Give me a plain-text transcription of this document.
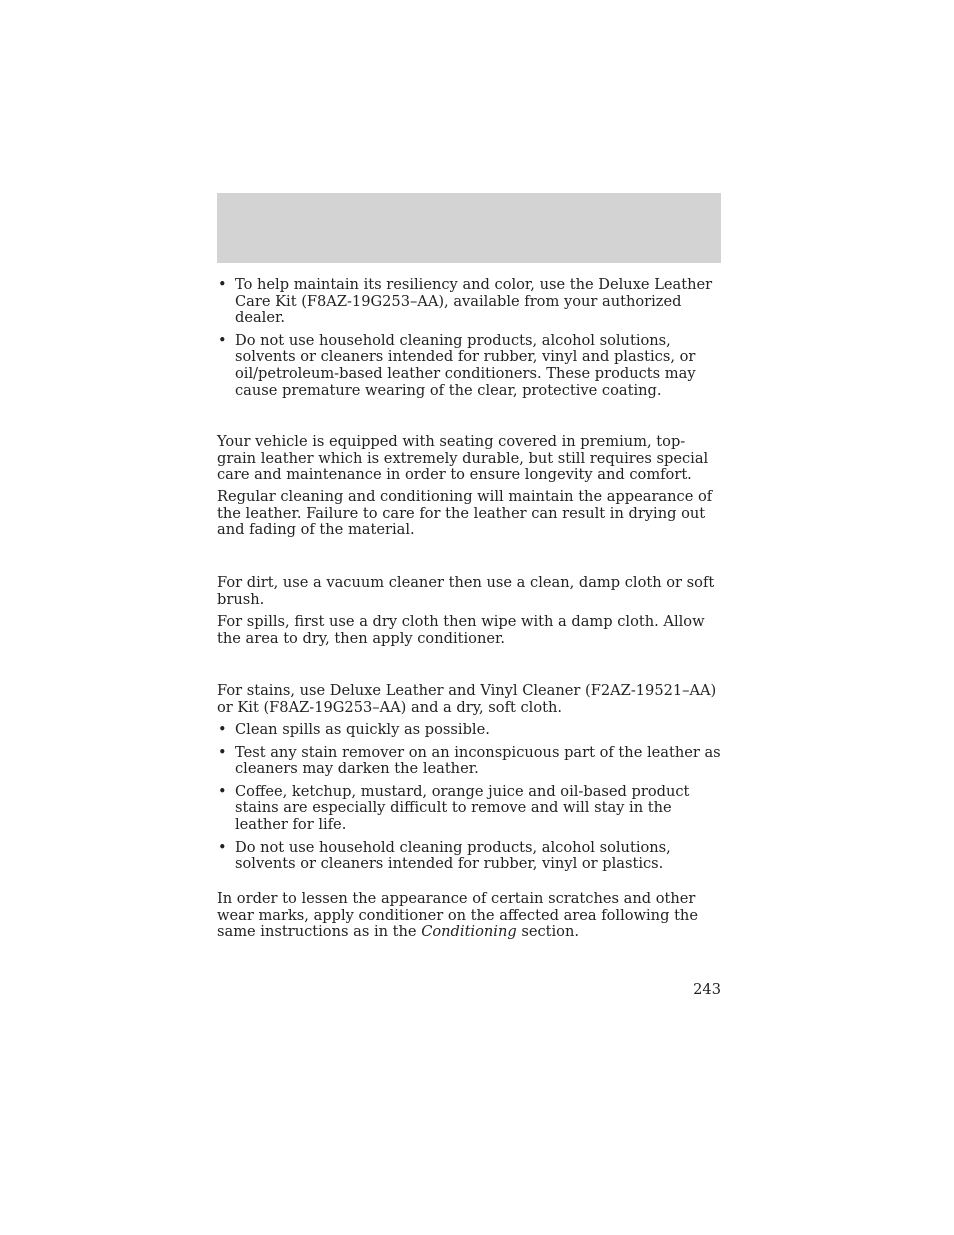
• To help maintain its resiliency and color, use the Deluxe Leather Care Kit (F8AZ-19G253–AA), available from your authorized dealer.
• Do not use household cleaning products, alcohol solutions, solvents or cleaners intended for rubber, vinyl and plastics, or oil/petroleum-based leather conditioners. These products may cause premature wearing of the clear, protective coating.

Your vehicle is equipped with seating covered in premium, top-grain leather which is extremely durable, but still requires special care and maintenance in order to ensure longevity and comfort.

Regular cleaning and conditioning will maintain the appearance of the leather. Failure to care for the leather can result in drying out and fading of the material.

For dirt, use a vacuum cleaner then use a clean, damp cloth or soft brush.

For spills, first use a dry cloth then wipe with a damp cloth. Allow the area to dry, then apply conditioner.

For stains, use Deluxe Leather and Vinyl Cleaner (F2AZ-19521–AA) or Kit (F8AZ-19G253–AA) and a dry, soft cloth.

• Clean spills as quickly as possible.
• Test any stain remover on an inconspicuous part of the leather as cleaners may darken the leather.
• Coffee, ketchup, mustard, orange juice and oil-based product stains are especially difficult to remove and will stay in the leather for life.
• Do not use household cleaning products, alcohol solutions, solvents or cleaners intended for rubber, vinyl or plastics.

In order to lessen the appearance of certain scratches and other wear marks, apply conditioner on the affected area following the same instructions as in the Conditioning section.

243
